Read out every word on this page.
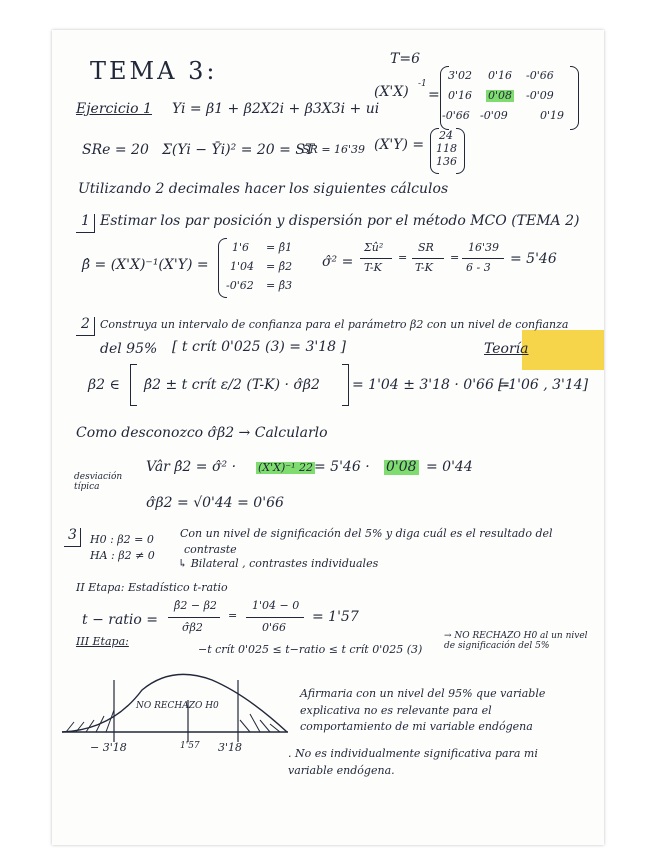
Teoría
TEMA 3:	T=6
(X'X) -1
=
3'02 0'16 -0'66
0'16 0'08 -0'09
-0'66 -0'09	0'19
Ejercicio 1 Yi = β1 + β2X2i + β3X3i + ui
SRe = 20 Σ(Yi − Ȳi)² = 20 = ST
SR = 16'39 (X'Y) =
24
118
136
Utilizando 2 decimales hacer los siguientes cálculos
1 Estimar los par posición y dispersión por el método MCO (TEMA 2)
β̂ = (X'X)⁻¹(X'Y) =
1'6
1'04
-0'62
= β̂1
= β̂2
= β̂3
σ̂² =
Σû²
T-K
=
SR
T-K
=
16'39
6 - 3
= 5'46
2 Construya un intervalo de confianza para el parámetro β2 con un nivel de confianza
del 95% [ t crít 0'025 (3) = 3'18 ]
β2 ∈ β̂2 ± t crít ε/2 (T-K) · σ̂β2 = 1'04 ± 3'18 · 0'66 =
[-1'06 , 3'14]
Como desconozco σ̂β2 → Calcularlo
desviación típica
Vâr β̂2 = σ̂² · (X'X)⁻¹ 22 = 5'46 · 0'08 = 0'44
σ̂β2 = √0'44 = 0'66
3 H0 : β2 = 0
HA : β2 ≠ 0
Con un nivel de significación del 5% y diga cuál es el resultado del
contraste
↳ Bilateral , contrastes individuales
II Etapa: Estadístico t-ratio
t − ratio =
β̂2 − β2
σ̂β2
=
1'04 − 0
0'66
= 1'57
III Etapa:
−t crít 0'025 ≤ t−ratio ≤ t crít 0'025 (3)
→ NO RECHAZO H0 al un nivel de significación del 5%
NO RECHAZO H0
− 3'18	1'57 3'18
Afirmaria con un nivel del 95% que variable explicativa no es relevante para el comportamiento de mi variable endógena
. No es individualmente significativa para mi variable endógena.
